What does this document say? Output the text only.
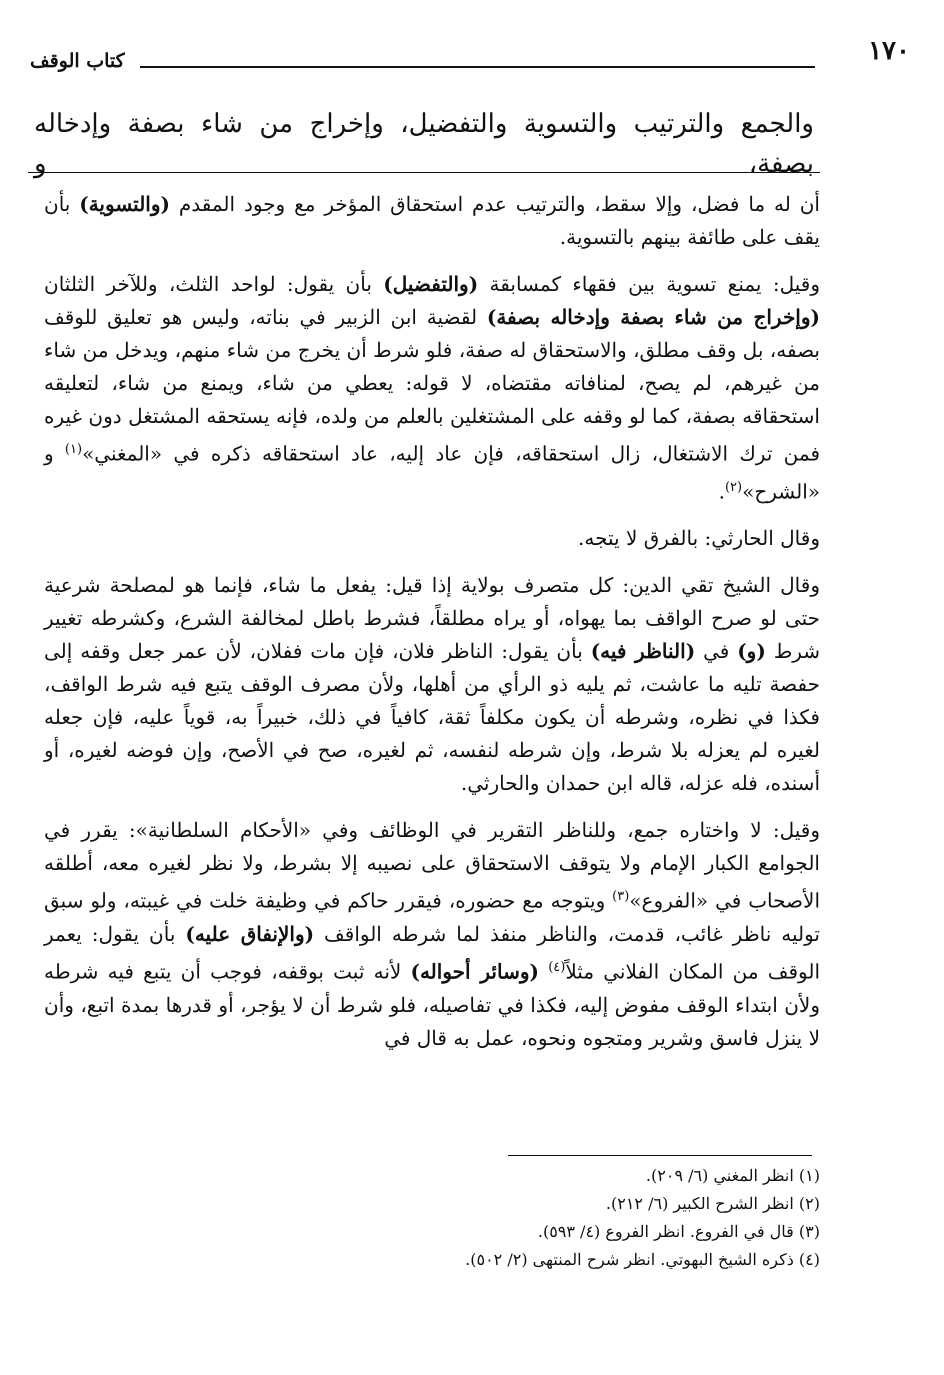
١٧٠
كتاب الوقف
والجمع والترتيب والتسوية والتفضيل، وإخراج من شاء بصفة وإدخاله بصفة، و

أن له ما فضل، وإلا سقط، والترتيب عدم استحقاق المؤخر مع وجود المقدم (والتسوية) بأن يقف على طائفة بينهم بالتسوية.

وقيل: يمنع تسوية بين فقهاء كمسابقة (والتفضيل) بأن يقول: لواحد الثلث، وللآخر الثلثان (وإخراج من شاء بصفة وإدخاله بصفة) لقضية ابن الزبير في بناته، وليس هو تعليق للوقف بصفه، بل وقف مطلق، والاستحقاق له صفة، فلو شرط أن يخرج من شاء منهم، ويدخل من شاء من غيرهم، لم يصح، لمنافاته مقتضاه، لا قوله: يعطي من شاء، ويمنع من شاء، لتعليقه استحقاقه بصفة، كما لو وقفه على المشتغلين بالعلم من ولده، فإنه يستحقه المشتغل دون غيره فمن ترك الاشتغال، زال استحقاقه، فإن عاد إليه، عاد استحقاقه ذكره في «المغني»$^{(١)}$ و «الشرح»$^{(٢)}$.

وقال الحارثي: بالفرق لا يتجه.

وقال الشيخ تقي الدين: كل متصرف بولاية إذا قيل: يفعل ما شاء، فإنما هو لمصلحة شرعية حتى لو صرح الواقف بما يهواه، أو يراه مطلقاً، فشرط باطل لمخالفة الشرع، وكشرطه تغيير شرط (و) في (الناظر فيه) بأن يقول: الناظر فلان، فإن مات ففلان، لأن عمر جعل وقفه إلى حفصة تليه ما عاشت، ثم يليه ذو الرأي من أهلها، ولأن مصرف الوقف يتبع فيه شرط الواقف، فكذا في نظره، وشرطه أن يكون مكلفاً ثقة، كافياً في ذلك، خبيراً به، قوياً عليه، فإن جعله لغيره لم يعزله بلا شرط، وإن شرطه لنفسه، ثم لغيره، صح في الأصح، وإن فوضه لغيره، أو أسنده، فله عزله، قاله ابن حمدان والحارثي.

وقيل: لا واختاره جمع، وللناظر التقرير في الوظائف وفي «الأحكام السلطانية»: يقرر في الجوامع الكبار الإمام ولا يتوقف الاستحقاق على نصيبه إلا بشرط، ولا نظر لغيره معه، أطلقه الأصحاب في «الفروع»$^{(٣)}$ ويتوجه مع حضوره، فيقرر حاكم في وظيفة خلت في غيبته، ولو سبق توليه ناظر غائب، قدمت، والناظر منفذ لما شرطه الواقف (والإنفاق عليه) بأن يقول: يعمر الوقف من المكان الفلاني مثلاً$^{(٤)}$ (وسائر أحواله) لأنه ثبت بوقفه، فوجب أن يتبع فيه شرطه ولأن ابتداء الوقف مفوض إليه، فكذا في تفاصيله، فلو شرط أن لا يؤجر، أو قدرها بمدة اتبع، وأن لا ينزل فاسق وشرير ومتجوه ونحوه، عمل به قال في

(١) انظر المغني (٦/ ٢٠٩).
(٢) انظر الشرح الكبير (٦/ ٢١٢).
(٣) قال في الفروع. انظر الفروع (٤/ ٥٩٣).
(٤) ذكره الشيخ البهوتي. انظر شرح المنتهى (٢/ ٥٠٢).
